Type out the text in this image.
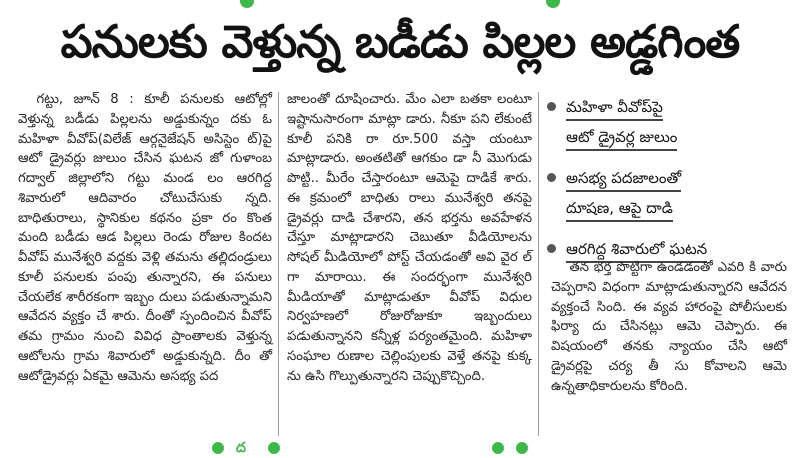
పనులకు వెళ్తున్న బడీడు పిల్లల అడ్డగింత

గట్టు, జూన్ 8 : కూలీ పనులకు ఆటోల్లో వెళ్తున్న బడీడు పిల్లలను అడ్డుకున్నం దకు ఓ మహిళా వీవోప్(విలేజ్ ఆర్గనైజేషన్ అసిస్టెం ట్)పై ఆటో డ్రైవర్లు జులుం చేసిన ఘటన జో గుళాంబ గద్వాల్ జిల్లాలోని గట్టు మండ లం ఆరగిద్ద శివారులో ఆదివారం చోటుచేసుకు న్నది. బాధితురాలు, స్థానికుల కథనం ప్రకా రం కొంత మంది బడీడు ఆడ పిల్లలు రెండు రోజుల కిందట వీవోప్ మునేశ్వరి వద్దకు వెళ్లి తమను తల్లిదండ్రులు కూలీ పనులకు పంపు తున్నారని, ఈ పనులు చేయలేక శారీరకంగా ఇబ్బం దులు పడుతున్నామని ఆవేదన వ్యక్తం చే శారు. దీంతో స్పందించిన వీవోప్ తమ గ్రామం నుంచి వివిధ ప్రాంతాలకు వెళ్తున్న ఆటోలను గ్రామ శివారులో అడ్డుకున్నది. దీం తో ఆటోడ్రైవర్లు ఏకమై ఆమెను అసభ్య పద

జాలంతో దూషించారు. మేం ఎలా బతకా లంటూ ఇష్టానుసారంగా మాట్లా డారు. నీకూ పని లేకుంటే కూలీ పనికి రా రూ.500 వస్తా యంటూ మాట్లాడారు. అంతటితో ఆగకుం డా నీ మొగుడు పొట్టి.. మీరేం చేస్తారంటూ ఆమెపై దాడికే శారు. ఈ క్రమంలో బాధితు రాలు మునేశ్వరి తనపై డ్రైవర్లు దాడి చేశారని, తన భర్తను అవహేళన చేస్తూ మాట్లాడారని చెబుతూ వీడియోలను సోషల్ మీడియోలో పోస్ట్ చేయడంతో అవి వైర ల్ గా మారాయి. ఈ సందర్భంగా మునేశ్వరి మీడియాతో మాట్లాడుతూ వీవోప్ విధుల నిర్వహణలో రోజురోజుకూ ఇబ్బందులు పడుతున్నానని కన్నీళ్ల పర్యంతమైంది. మహిళా సంఘాల రుణాల చెల్లింపులకు వెళ్తే తనపై కుక్క ను ఉసి గొల్పుతున్నారని చెప్పుకొచ్చింది.

మహిళా వీవోప్‌పై
ఆటో డ్రైవర్ల జులుం
అసభ్య పదజాలంతో
దూషణ, ఆపై దాడి
ఆరగిద్ద శివారులో ఘటన

తన భర్త పొట్టిగా ఉండడంతో ఎవరి కి వారు చెప్పరాని విధంగా మాట్లాడుతున్నారని ఆవేదన వ్యక్తంచే సింది. ఈ వ్యవ హారంపై పోలీసులకు ఫిర్యా దు చేసినట్లు ఆమె చెప్పారు. ఈ విషయంలో తనకు న్యాయం చేసి ఆటో డ్రైవర్లపై చర్య తీ సు కోవాలని ఆమె ఉన్నతాధికారులను కోరింది.

ద
